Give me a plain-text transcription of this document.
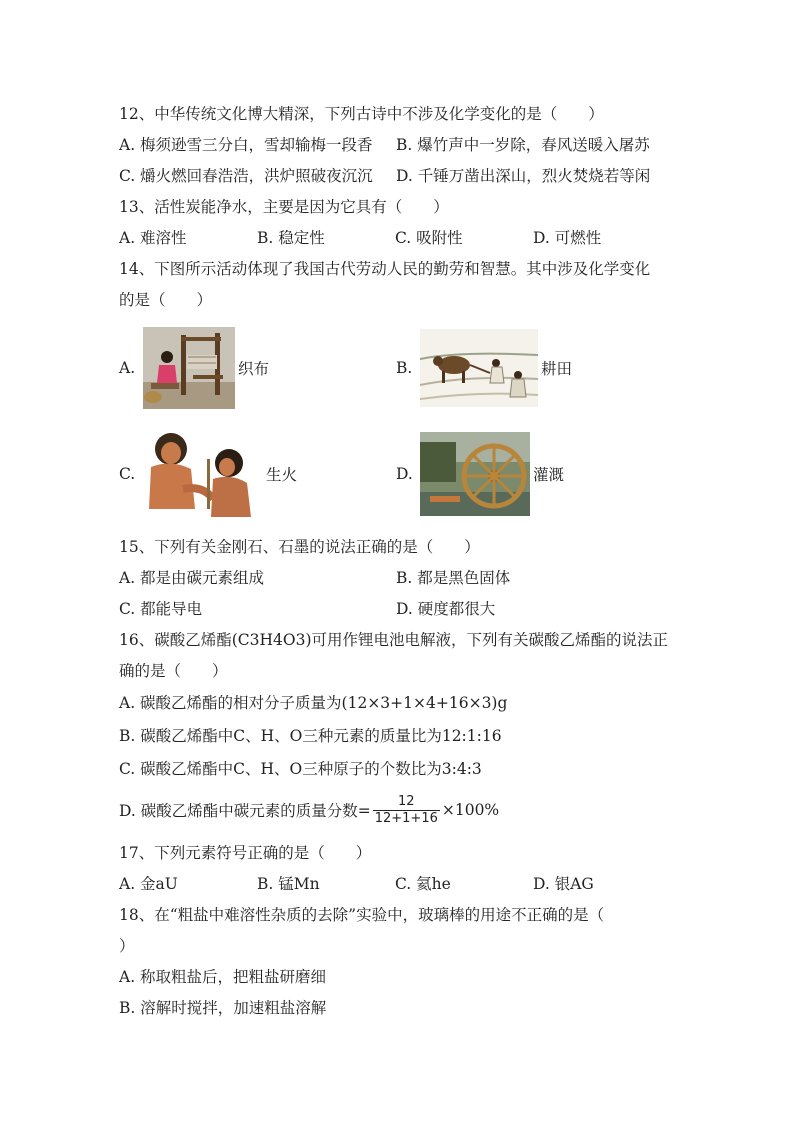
12、中华传统文化博大精深，下列古诗中不涉及化学变化的是（　　）
A. 梅须逊雪三分白，雪却输梅一段香	B. 爆竹声中一岁除，春风送暖入屠苏
C. 爝火燃回春浩浩，洪炉照破夜沉沉	D. 千锤万凿出深山，烈火焚烧若等闲
13、活性炭能净水，主要是因为它具有（　　）
A. 难溶性	B. 稳定性	C. 吸附性	D. 可燃性
14、下图所示活动体现了我国古代劳动人民的勤劳和智慧。其中涉及化学变化
的是（　　）
A.	织布	B.	耕田
C.	生火	D.	灌溉
15、下列有关金刚石、石墨的说法正确的是（　　）
A. 都是由碳元素组成	B. 都是黑色固体
C. 都能导电	D. 硬度都很大
16、碳酸乙烯酯(C3H4O3)可用作锂电池电解液，下列有关碳酸乙烯酯的说法正
确的是（　　）
A. 碳酸乙烯酯的相对分子质量为(12×3+1×4+16×3)g
B. 碳酸乙烯酯中C、H、O三种元素的质量比为12:1:16
C. 碳酸乙烯酯中C、H、O三种原子的个数比为3:4:3
D. 碳酸乙烯酯中碳元素的质量分数= $\frac{12}{12+1+16} \times 100\%$
17、下列元素符号正确的是（　　）
A. 金aU	B. 锰Mn	C. 氦he	D. 银AG
18、在“粗盐中难溶性杂质的去除”实验中，玻璃棒的用途不正确的是（
）
A. 称取粗盐后，把粗盐研磨细
B. 溶解时搅拌，加速粗盐溶解
